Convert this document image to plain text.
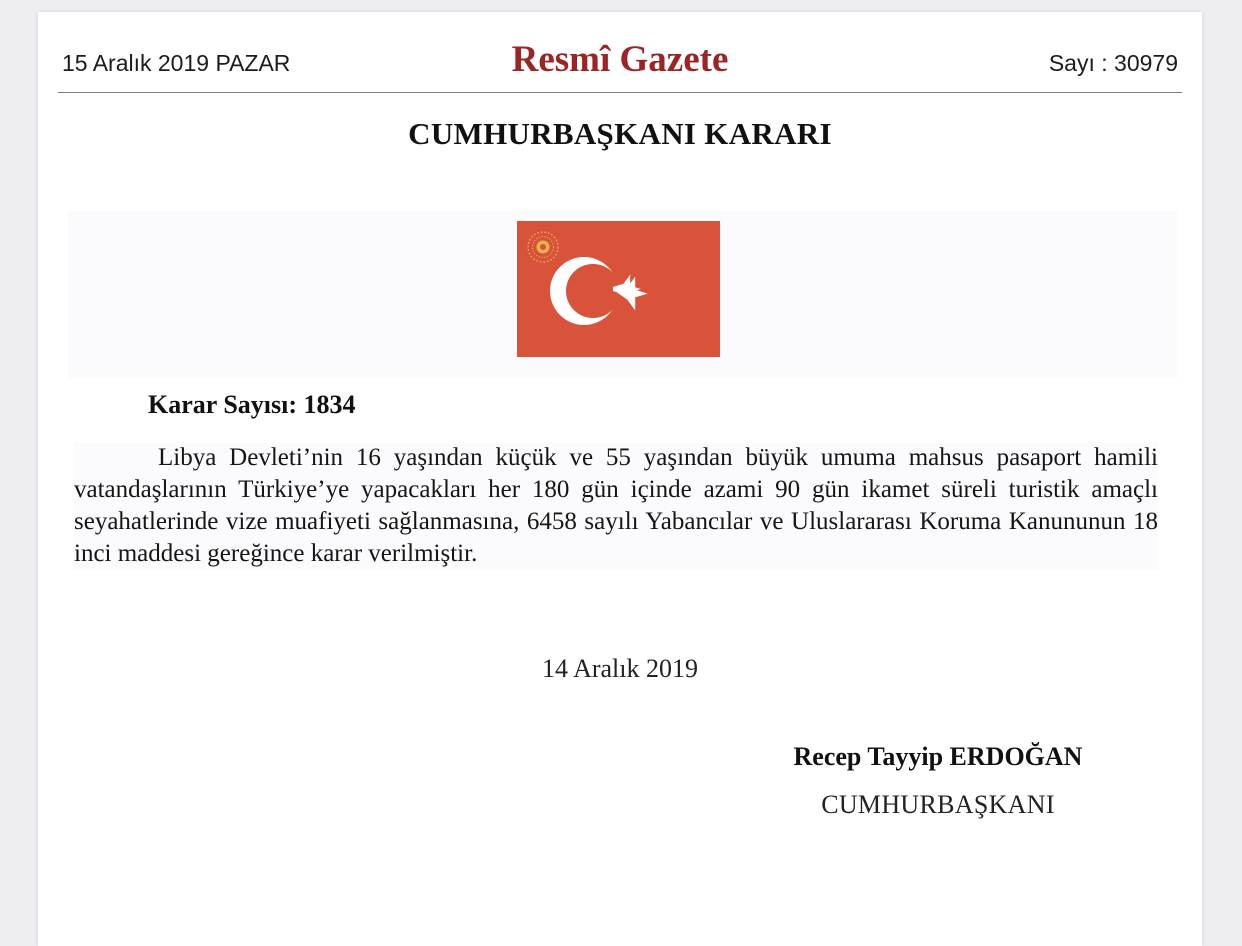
15 Aralık 2019 PAZAR	Resmî Gazete	Sayı : 30979
CUMHURBAŞKANI KARARI
Karar Sayısı: 1834

Libya Devleti’nin 16 yaşından küçük ve 55 yaşından büyük umuma mahsus pasaport hamili vatandaşlarının Türkiye’ye yapacakları her 180 gün içinde azami 90 gün ikamet süreli turistik amaçlı seyahatlerinde vize muafiyeti sağlanmasına, 6458 sayılı Yabancılar ve Uluslararası Koruma Kanununun 18 inci maddesi gereğince karar verilmiştir.

14 Aralık 2019
Recep Tayyip ERDOĞAN
CUMHURBAŞKANI
